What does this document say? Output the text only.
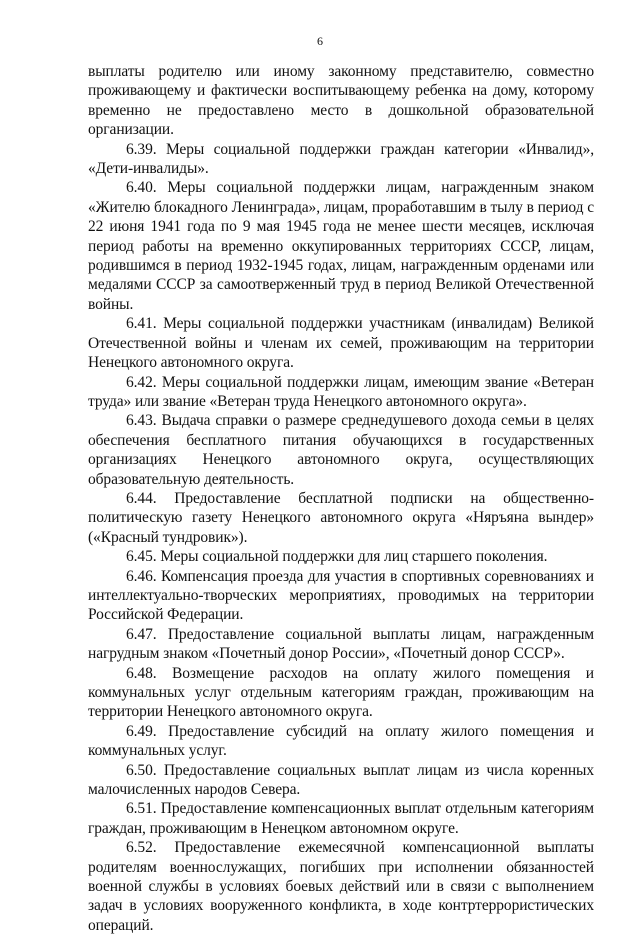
6

выплаты родителю или иному законному представителю, совместно проживающему и фактически воспитывающему ребенка на дому, которому временно не предоставлено место в дошкольной образовательной организации.

6.39. Меры социальной поддержки граждан категории «Инвалид», «Дети-инвалиды».

6.40. Меры социальной поддержки лицам, награжденным знаком «Жителю блокадного Ленинграда», лицам, проработавшим в тылу в период с 22 июня 1941 года по 9 мая 1945 года не менее шести месяцев, исключая период работы на временно оккупированных территориях СССР, лицам, родившимся в период 1932-1945 годах, лицам, награжденным орденами или медалями СССР за самоотверженный труд в период Великой Отечественной войны.

6.41. Меры социальной поддержки участникам (инвалидам) Великой Отечественной войны и членам их семей, проживающим на территории Ненецкого автономного округа.

6.42. Меры социальной поддержки лицам, имеющим звание «Ветеран труда» или звание «Ветеран труда Ненецкого автономного округа».

6.43. Выдача справки о размере среднедушевого дохода семьи в целях обеспечения бесплатного питания обучающихся в государственных организациях Ненецкого автономного округа, осуществляющих образовательную деятельность.

6.44. Предоставление бесплатной подписки на общественно-политическую газету Ненецкого автономного округа «Няръяна вындер» («Красный тундровик»).

6.45. Меры социальной поддержки для лиц старшего поколения.

6.46. Компенсация проезда для участия в спортивных соревнованиях и интеллектуально-творческих мероприятиях, проводимых на территории Российской Федерации.

6.47. Предоставление социальной выплаты лицам, награжденным нагрудным знаком «Почетный донор России», «Почетный донор СССР».

6.48. Возмещение расходов на оплату жилого помещения и коммунальных услуг отдельным категориям граждан, проживающим на территории Ненецкого автономного округа.

6.49. Предоставление субсидий на оплату жилого помещения и коммунальных услуг.

6.50. Предоставление социальных выплат лицам из числа коренных малочисленных народов Севера.

6.51. Предоставление компенсационных выплат отдельным категориям граждан, проживающим в Ненецком автономном округе.

6.52. Предоставление ежемесячной компенсационной выплаты родителям военнослужащих, погибших при исполнении обязанностей военной службы в условиях боевых действий или в связи с выполнением задач в условиях вооруженного конфликта, в ходе контртеррористических операций.
